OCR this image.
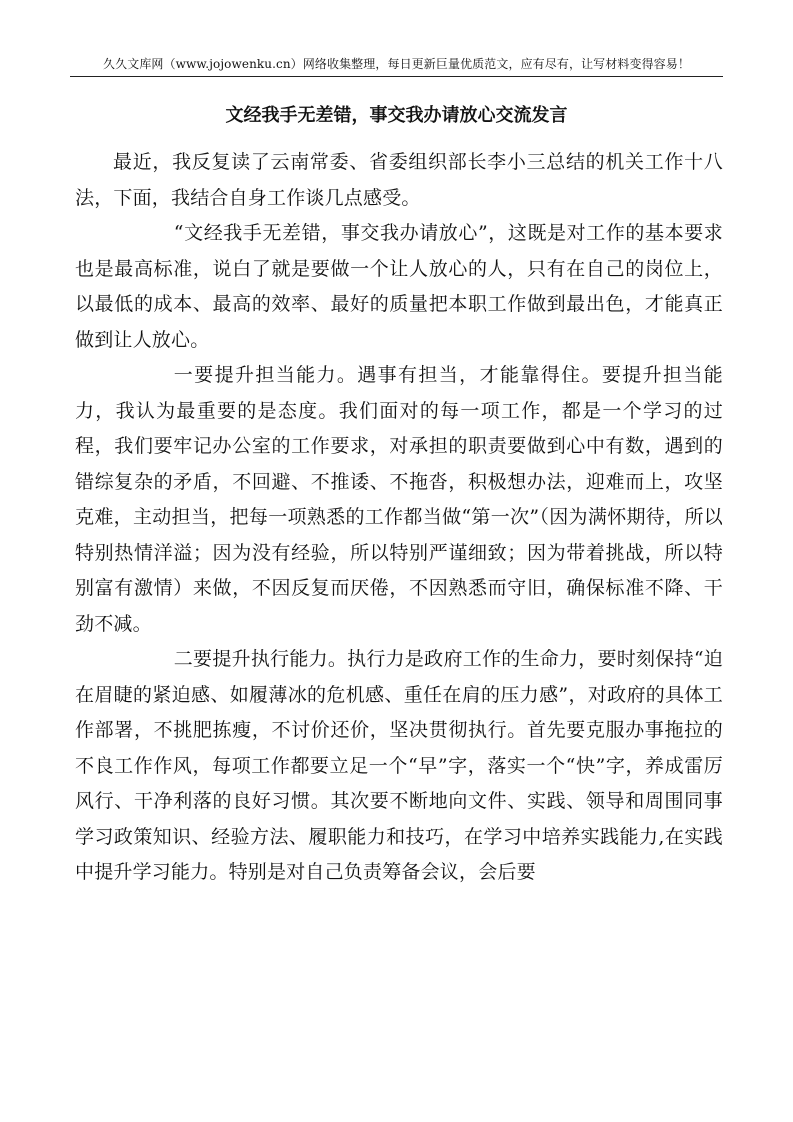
久久文库网（www.jojowenku.cn）网络收集整理，每日更新巨量优质范文，应有尽有，让写材料变得容易！
文经我手无差错，事交我办请放心交流发言

最近，我反复读了云南常委、省委组织部长李小三总结的机关工作十八法，下面，我结合自身工作谈几点感受。

“文经我手无差错，事交我办请放心”，这既是对工作的基本要求也是最高标准，说白了就是要做一个让人放心的人，只有在自己的岗位上，以最低的成本、最高的效率、最好的质量把本职工作做到最出色，才能真正做到让人放心。

一要提升担当能力。遇事有担当，才能靠得住。要提升担当能力，我认为最重要的是态度。我们面对的每一项工作，都是一个学习的过程，我们要牢记办公室的工作要求，对承担的职责要做到心中有数，遇到的错综复杂的矛盾，不回避、不推诿、不拖沓，积极想办法，迎难而上，攻坚克难，主动担当，把每一项熟悉的工作都当做“第一次”（因为满怀期待，所以特别热情洋溢；因为没有经验，所以特别严谨细致；因为带着挑战，所以特别富有激情）来做，不因反复而厌倦，不因熟悉而守旧，确保标准不降、干劲不减。

二要提升执行能力。执行力是政府工作的生命力，要时刻保持“迫在眉睫的紧迫感、如履薄冰的危机感、重任在肩的压力感”，对政府的具体工作部署，不挑肥拣瘦，不讨价还价，坚决贯彻执行。首先要克服办事拖拉的不良工作作风，每项工作都要立足一个“早”字，落实一个“快”字，养成雷厉风行、干净利落的良好习惯。其次要不断地向文件、实践、领导和周围同事学习政策知识、经验方法、履职能力和技巧，在学习中培养实践能力,在实践中提升学习能力。特别是对自己负责筹备会议，会后要
